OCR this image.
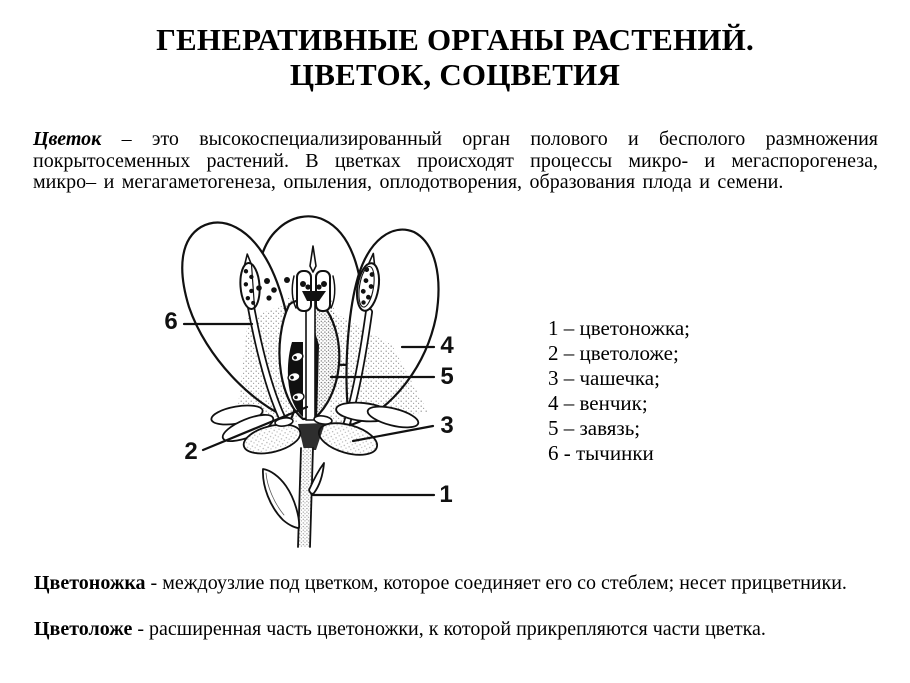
ГЕНЕРАТИВНЫЕ ОРГАНЫ РАСТЕНИЙ.
ЦВЕТОК, СОЦВЕТИЯ

Цветок – это высокоспециализированный орган полового и бесполого размножения покрытосеменных растений. В цветках происходят процессы микро- и мегаспорогенеза, микро– и мегагаметогенеза, опыления, оплодотворения, образования плода и семени.

6
4
5
3
2
1
1 – цветоножка;
2 – цветоложе;
3 – чашечка;
4 – венчик;
5 – завязь;
6 - тычинки

Цветоножка - междоузлие под цветком, которое соединяет его со стеблем; несет прицветники.

Цветоложе - расширенная часть цветоножки, к которой прикрепляются части цветка.
